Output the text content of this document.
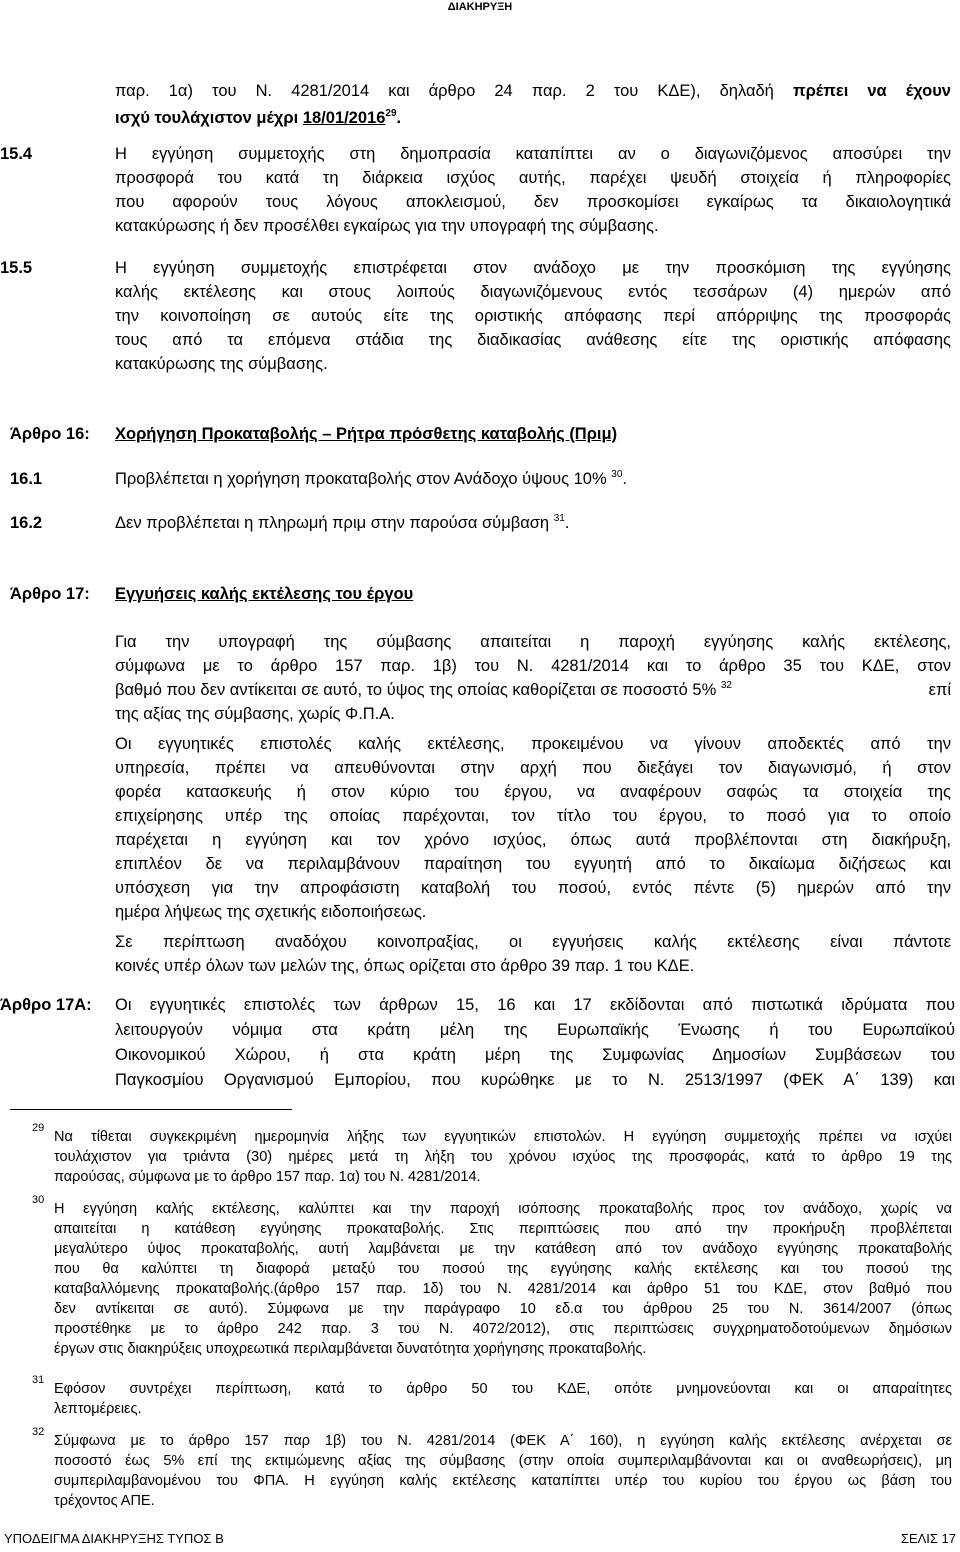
ΔΙΑΚΗΡΥΞΗ
παρ. 1α) του Ν. 4281/2014 και άρθρο 24 παρ. 2 του ΚΔΕ), δηλαδή πρέπει να έχουν
ισχύ τουλάχιστον μέχρι 18/01/2016$^{29}$.
15.4	Η εγγύηση συμμετοχής στη δημοπρασία καταπίπτει αν ο διαγωνιζόμενος αποσύρει την
προσφορά του κατά τη διάρκεια ισχύος αυτής, παρέχει ψευδή στοιχεία ή πληροφορίες
που αφορούν τους λόγους αποκλεισμού, δεν προσκομίσει εγκαίρως τα δικαιολογητικά
κατακύρωσης ή δεν προσέλθει εγκαίρως για την υπογραφή της σύμβασης.
15.5	Η εγγύηση συμμετοχής επιστρέφεται στον ανάδοχο με την προσκόμιση της εγγύησης
καλής εκτέλεσης και στους λοιπούς διαγωνιζόμενους εντός τεσσάρων (4) ημερών από
την κοινοποίηση σε αυτούς είτε της οριστικής απόφασης περί απόρριψης της προσφοράς
τους από τα επόμενα στάδια της διαδικασίας ανάθεσης είτε της οριστικής απόφασης
κατακύρωσης της σύμβασης.
Άρθρο 16: Χορήγηση Προκαταβολής – Ρήτρα πρόσθετης καταβολής (Πριμ)
16.1	Προβλέπεται η χορήγηση προκαταβολής στον Ανάδοχο ύψους 10% $^{30}$.
16.2	Δεν προβλέπεται η πληρωμή πριμ στην παρούσα σύμβαση $^{31}$.
Άρθρο 17: Εγγυήσεις καλής εκτέλεσης του έργου
Για την υπογραφή της σύμβασης απαιτείται η παροχή εγγύησης καλής εκτέλεσης,
σύμφωνα με το άρθρο 157 παρ. 1β) του Ν. 4281/2014 και το άρθρο 35 του ΚΔΕ, στον
βαθμό που δεν αντίκειται σε αυτό, το ύψος της οποίας καθορίζεται σε ποσοστό 5% $^{32}$	επί
της αξίας της σύμβασης, χωρίς Φ.Π.Α.
Οι εγγυητικές επιστολές καλής εκτέλεσης, προκειμένου να γίνουν αποδεκτές από την
υπηρεσία, πρέπει να απευθύνονται στην αρχή που διεξάγει τον διαγωνισμό, ή στον
φορέα κατασκευής ή στον κύριο του έργου, να αναφέρουν σαφώς τα στοιχεία της
επιχείρησης υπέρ της οποίας παρέχονται, τον τίτλο του έργου, το ποσό για το οποίο
παρέχεται η εγγύηση και τον χρόνο ισχύος, όπως αυτά προβλέπονται στη διακήρυξη,
επιπλέον δε να περιλαμβάνουν παραίτηση του εγγυητή από το δικαίωμα διζήσεως και
υπόσχεση για την απροφάσιστη καταβολή του ποσού, εντός πέντε (5) ημερών από την
ημέρα λήψεως της σχετικής ειδοποιήσεως.
Σε περίπτωση αναδόχου κοινοπραξίας, οι εγγυήσεις καλής εκτέλεσης είναι πάντοτε
κοινές υπέρ όλων των μελών της, όπως ορίζεται στο άρθρο 39 παρ. 1 του ΚΔΕ.
Άρθρο 17Α: Οι εγγυητικές επιστολές των άρθρων 15, 16 και 17 εκδίδονται από πιστωτικά ιδρύματα που
λειτουργούν νόμιμα στα κράτη μέλη της Ευρωπαϊκής Ένωσης ή του Ευρωπαϊκού
Οικονομικού Χώρου, ή στα κράτη μέρη της Συμφωνίας Δημοσίων Συμβάσεων του
Παγκοσμίου Οργανισμού Εμπορίου, που κυρώθηκε με το Ν. 2513/1997 (ΦΕΚ Α΄ 139) και
29
Να τίθεται συγκεκριμένη ημερομηνία λήξης των εγγυητικών επιστολών. Η εγγύηση συμμετοχής πρέπει να ισχύει
τουλάχιστον για τριάντα (30) ημέρες μετά τη λήξη του χρόνου ισχύος της προσφοράς, κατά το άρθρο 19 της
παρούσας, σύμφωνα με το άρθρο 157 παρ. 1α) του Ν. 4281/2014.
30
Η εγγύηση καλής εκτέλεσης, καλύπτει και την παροχή ισόποσης προκαταβολής προς τον ανάδοχο, χωρίς να
απαιτείται η κατάθεση εγγύησης προκαταβολής. Στις περιπτώσεις που από την προκήρυξη προβλέπεται
μεγαλύτερο ύψος προκαταβολής, αυτή λαμβάνεται με την κατάθεση από τον ανάδοχο εγγύησης προκαταβολής
που θα καλύπτει τη διαφορά μεταξύ του ποσού της εγγύησης καλής εκτέλεσης και του ποσού της
καταβαλλόμενης προκαταβολής.(άρθρο 157 παρ. 1δ) του Ν. 4281/2014 και άρθρο 51 του ΚΔΕ, στον βαθμό που
δεν αντίκειται σε αυτό). Σύμφωνα με την παράγραφο 10 εδ.α του άρθρου 25 του Ν. 3614/2007 (όπως
προστέθηκε με το άρθρο 242 παρ. 3 του Ν. 4072/2012), στις περιπτώσεις συγχρηματοδοτούμενων δημόσιων
έργων στις διακηρύξεις υποχρεωτικά περιλαμβάνεται δυνατότητα χορήγησης προκαταβολής.
31
Εφόσον συντρέχει περίπτωση, κατά το άρθρο 50 του ΚΔΕ, οπότε μνημονεύονται και οι απαραίτητες
λεπτομέρειες.
32
Σύμφωνα με το άρθρο 157 παρ 1β) του Ν. 4281/2014 (ΦΕΚ Α΄ 160), η εγγύηση καλής εκτέλεσης ανέρχεται σε
ποσοστό έως 5% επί της εκτιμώμενης αξίας της σύμβασης (στην οποία συμπεριλαμβάνονται και οι αναθεωρήσεις), μη
συμπεριλαμβανομένου του ΦΠΑ. Η εγγύηση καλής εκτέλεσης καταπίπτει υπέρ του κυρίου του έργου ως βάση του
τρέχοντος ΑΠΕ.
ΥΠΟΔΕΙΓΜΑ ΔΙΑΚΗΡΥΞΗΣ ΤΥΠΟΣ Β	ΣΕΛΙΣ 17
